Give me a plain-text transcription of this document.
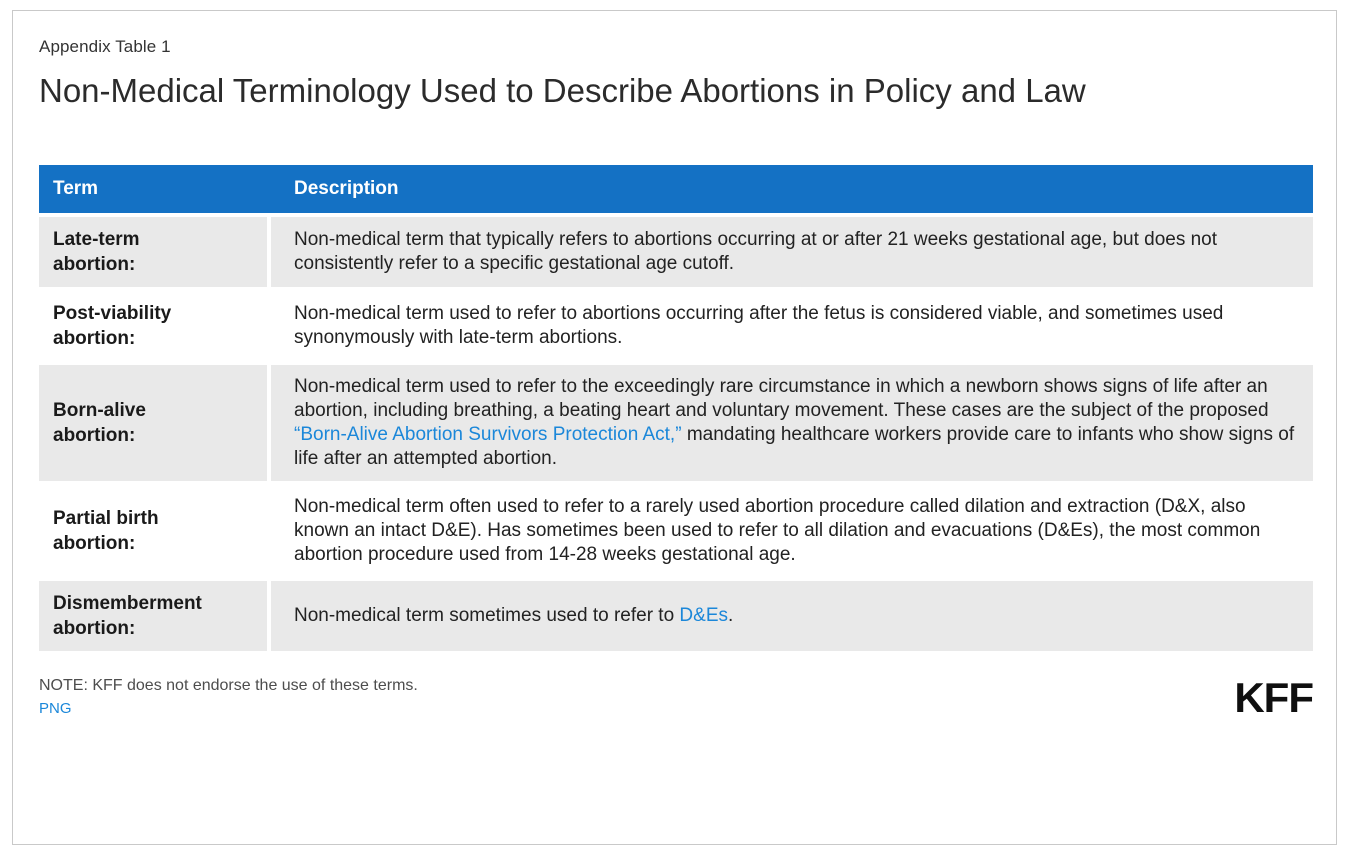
Appendix Table 1
Non-Medical Terminology Used to Describe Abortions in Policy and Law
Term	Description
Late-term abortion:
Non-medical term that typically refers to abortions occurring at or after 21 weeks gestational age, but does not consistently refer to a specific gestational age cutoff.
Post-viability abortion:
Non-medical term used to refer to abortions occurring after the fetus is considered viable, and sometimes used synonymously with late-term abortions.
Born-alive abortion:
Non-medical term used to refer to the exceedingly rare circumstance in which a newborn shows signs of life after an abortion, including breathing, a beating heart and voluntary movement. These cases are the subject of the proposed “Born-Alive Abortion Survivors Protection Act,” mandating healthcare workers provide care to infants who show signs of life after an attempted abortion.
Partial birth abortion:
Non-medical term often used to refer to a rarely used abortion procedure called dilation and extraction (D&X, also known an intact D&E). Has sometimes been used to refer to all dilation and evacuations (D&Es), the most common abortion procedure used from 14-28 weeks gestational age.
Dismemberment abortion:
Non-medical term sometimes used to refer to D&Es.
NOTE: KFF does not endorse the use of these terms.
PNG	KFF
